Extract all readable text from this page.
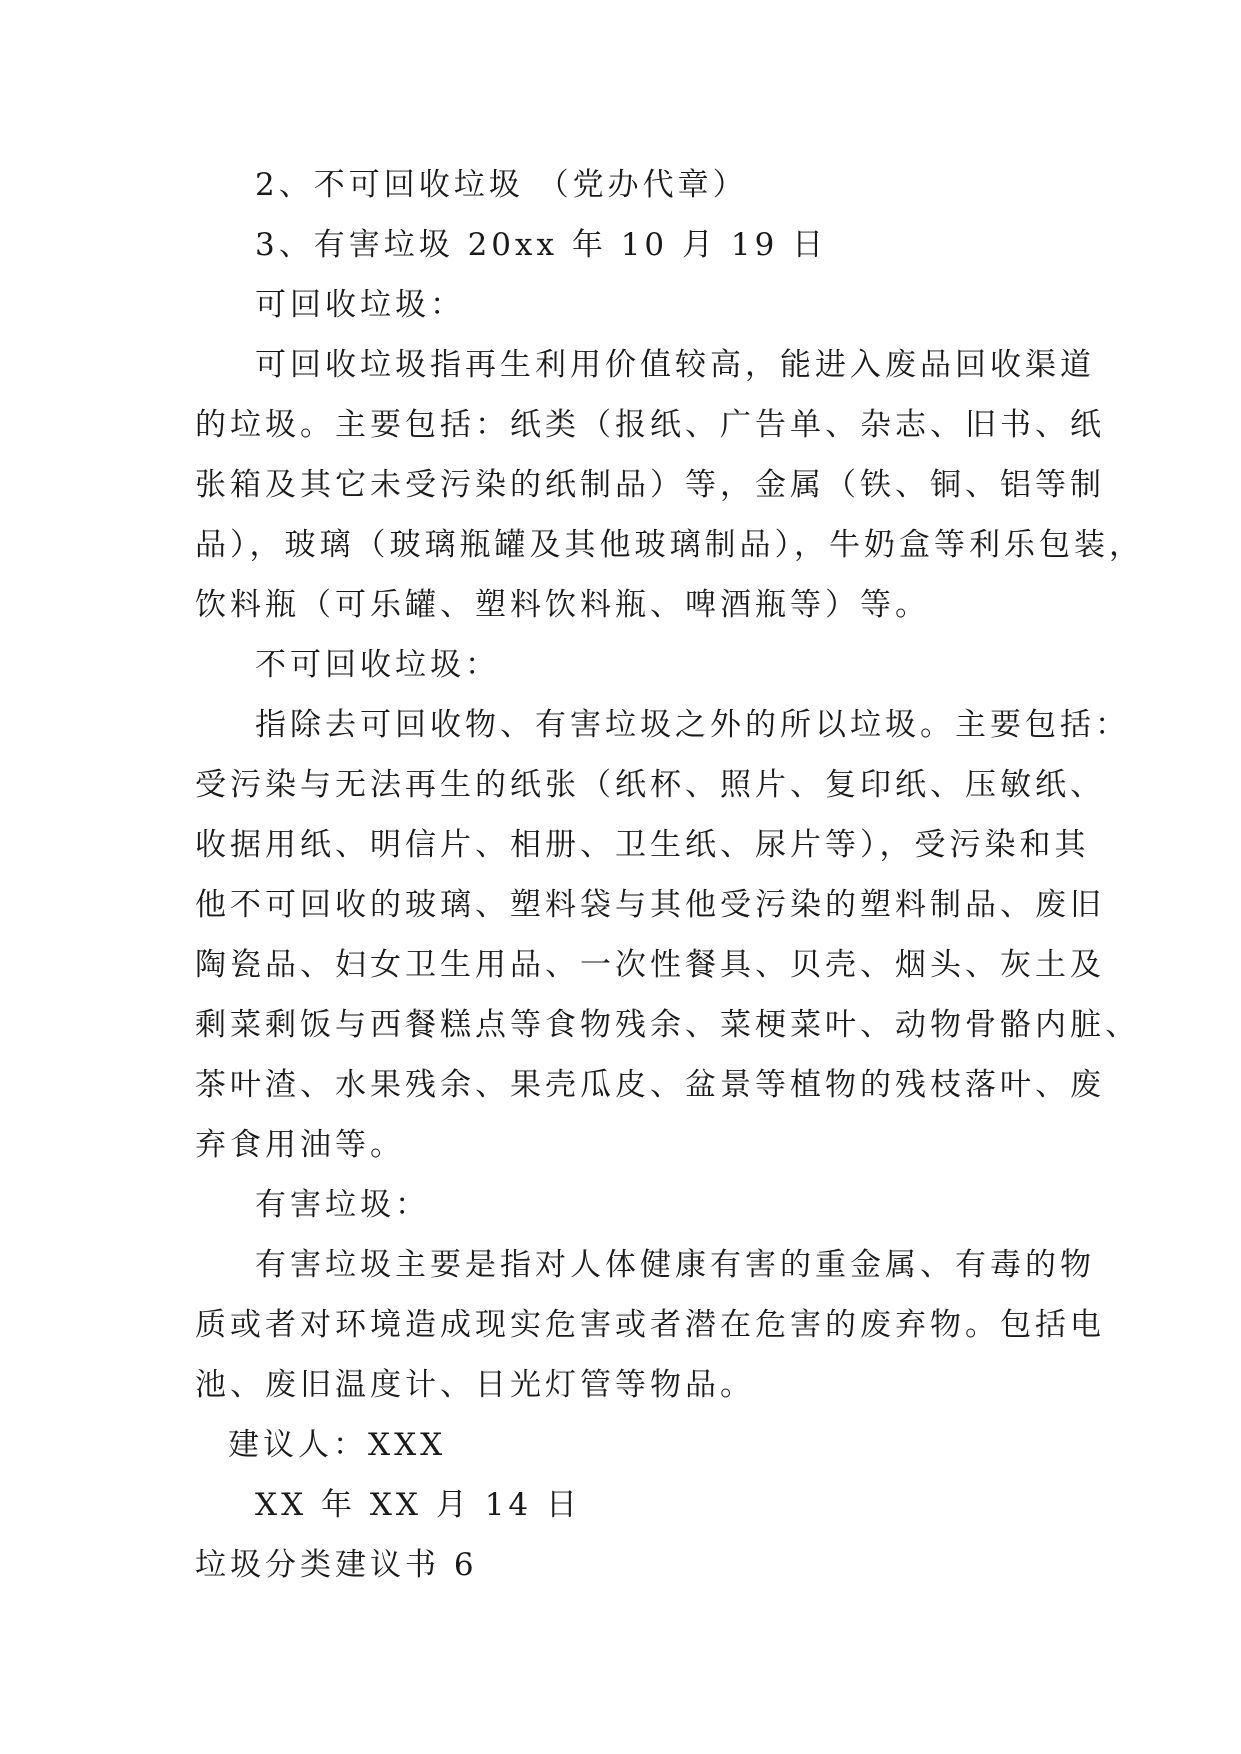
2、不可回收垃圾 （党办代章）
3、有害垃圾 20xx 年 10 月 19 日
可回收垃圾：
可回收垃圾指再生利用价值较高，能进入废品回收渠道
的垃圾。主要包括：纸类（报纸、广告单、杂志、旧书、纸
张箱及其它未受污染的纸制品）等，金属（铁、铜、铝等制
品），玻璃（玻璃瓶罐及其他玻璃制品），牛奶盒等利乐包装，
饮料瓶（可乐罐、塑料饮料瓶、啤酒瓶等）等。
不可回收垃圾：
指除去可回收物、有害垃圾之外的所以垃圾。主要包括：
受污染与无法再生的纸张（纸杯、照片、复印纸、压敏纸、
收据用纸、明信片、相册、卫生纸、尿片等），受污染和其
他不可回收的玻璃、塑料袋与其他受污染的塑料制品、废旧
陶瓷品、妇女卫生用品、一次性餐具、贝壳、烟头、灰土及
剩菜剩饭与西餐糕点等食物残余、菜梗菜叶、动物骨骼内脏、
茶叶渣、水果残余、果壳瓜皮、盆景等植物的残枝落叶、废
弃食用油等。
有害垃圾：
有害垃圾主要是指对人体健康有害的重金属、有毒的物
质或者对环境造成现实危害或者潜在危害的废弃物。包括电
池、废旧温度计、日光灯管等物品。
建议人：XXX
XX 年 XX 月 14 日
垃圾分类建议书 6
